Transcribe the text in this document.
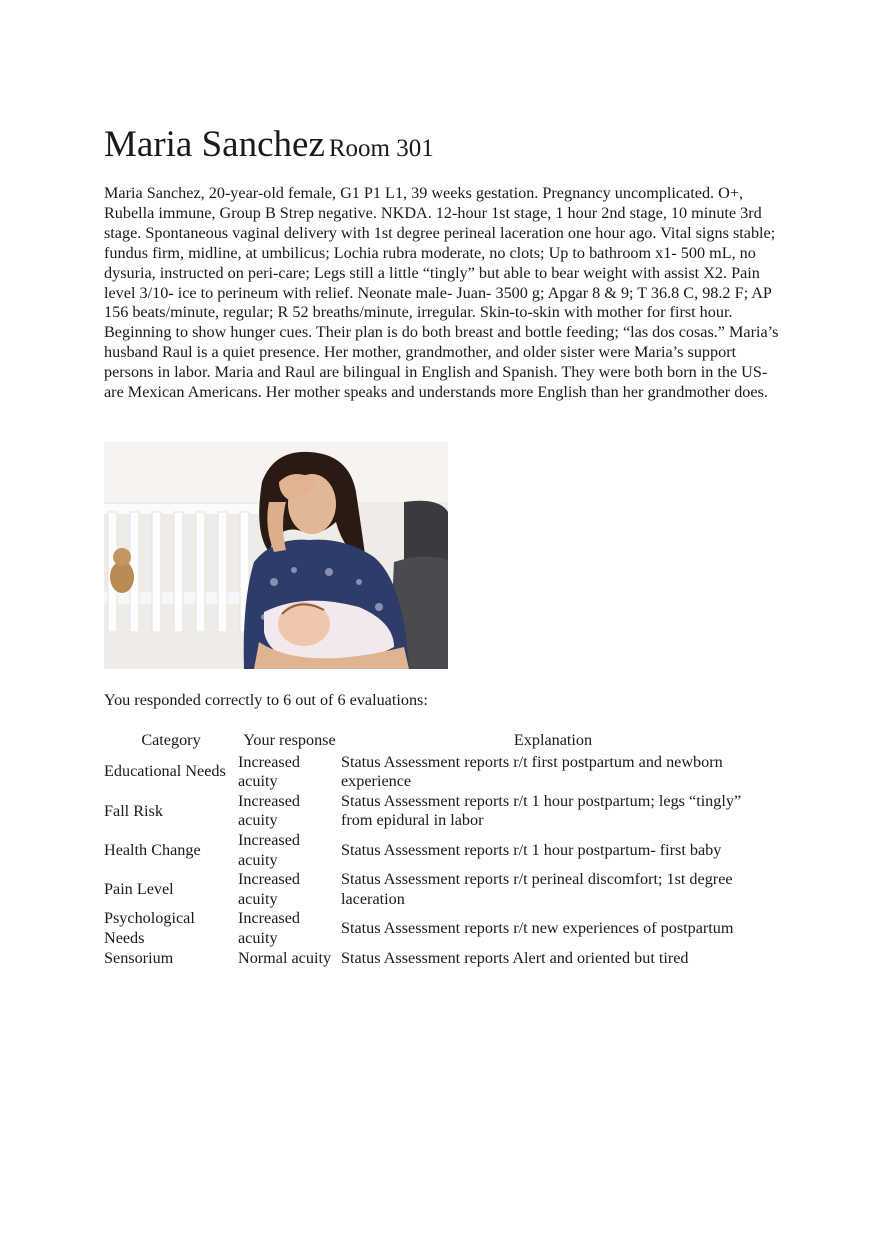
Maria Sanchez Room 301

Maria Sanchez, 20-year-old female, G1 P1 L1, 39 weeks gestation. Pregnancy uncomplicated. O+, Rubella immune, Group B Strep negative. NKDA. 12-hour 1st stage, 1 hour 2nd stage, 10 minute 3rd stage. Spontaneous vaginal delivery with 1st degree perineal laceration one hour ago. Vital signs stable; fundus firm, midline, at umbilicus; Lochia rubra moderate, no clots; Up to bathroom x1- 500 mL, no dysuria, instructed on peri-care; Legs still a little “tingly” but able to bear weight with assist X2. Pain level 3/10- ice to perineum with relief. Neonate male- Juan- 3500 g; Apgar 8 & 9; T 36.8 C, 98.2 F; AP 156 beats/minute, regular; R 52 breaths/minute, irregular. Skin-to-skin with mother for first hour. Beginning to show hunger cues. Their plan is do both breast and bottle feeding; “las dos cosas.” Maria’s husband Raul is a quiet presence. Her mother, grandmother, and older sister were Maria’s support persons in labor. Maria and Raul are bilingual in English and Spanish. They were both born in the US- are Mexican Americans. Her mother speaks and understands more English than her grandmother does.

You responded correctly to 6 out of 6 evaluations:
Category	Your response	Explanation
Educational Needs	Increased acuity	Status Assessment reports r/t first postpartum and newborn experience
Fall Risk	Increased acuity	Status Assessment reports r/t 1 hour postpartum; legs “tingly” from epidural in labor
Health Change	Increased acuity	Status Assessment reports r/t 1 hour postpartum- first baby
Pain Level	Increased acuity	Status Assessment reports r/t perineal discomfort; 1st degree laceration
Psychological Needs	Increased acuity	Status Assessment reports r/t new experiences of postpartum
Sensorium	Normal acuity	Status Assessment reports Alert and oriented but tired
